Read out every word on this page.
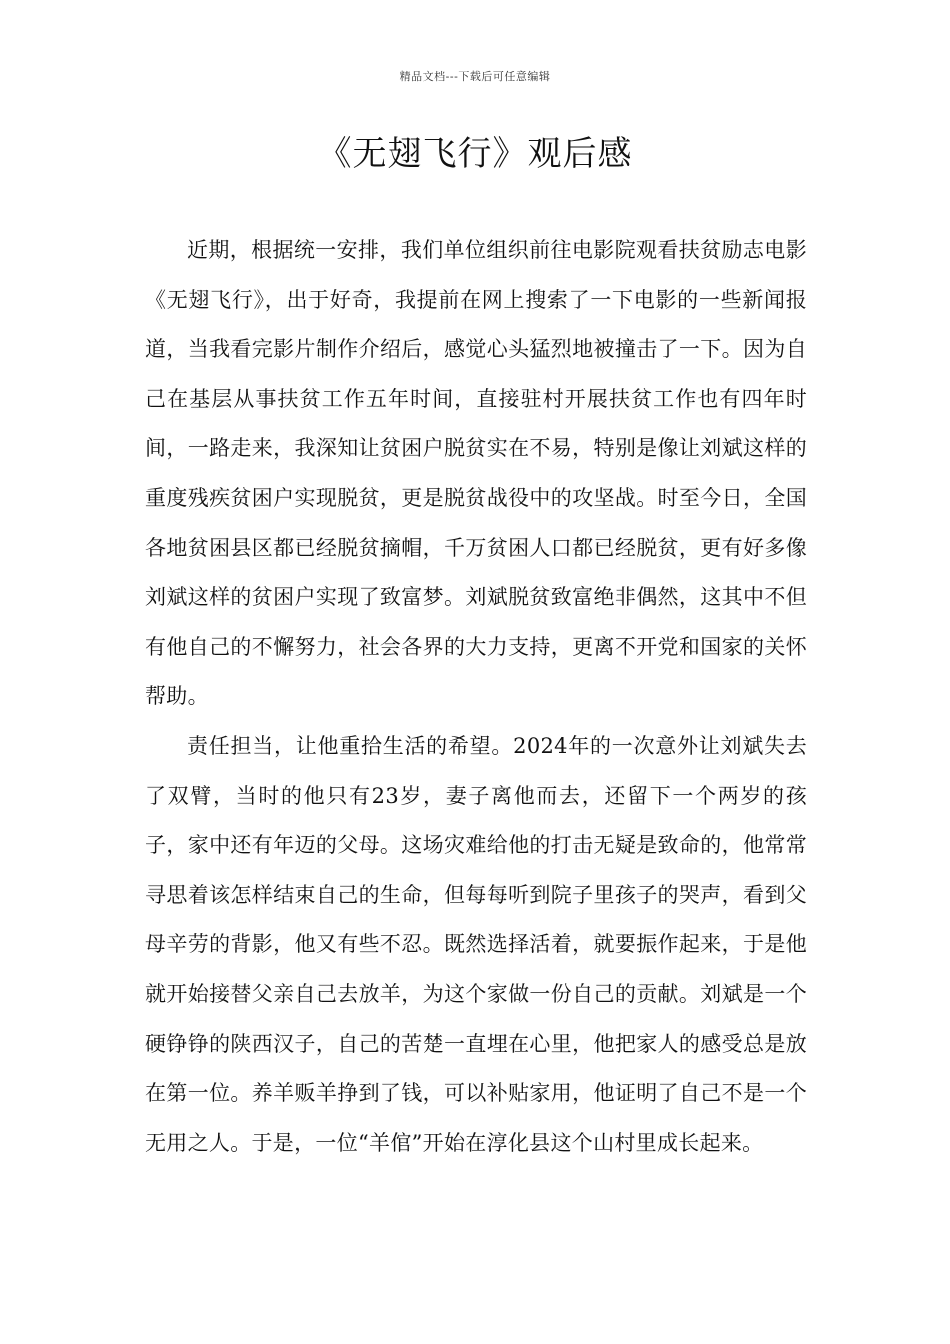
精品文档---下载后可任意编辑
《无翅飞行》观后感

近期，根据统一安排，我们单位组织前往电影院观看扶贫励志电影《无翅飞行》，出于好奇，我提前在网上搜索了一下电影的一些新闻报道，当我看完影片制作介绍后，感觉心头猛烈地被撞击了一下。因为自己在基层从事扶贫工作五年时间，直接驻村开展扶贫工作也有四年时间，一路走来，我深知让贫困户脱贫实在不易，特别是像让刘斌这样的重度残疾贫困户实现脱贫，更是脱贫战役中的攻坚战。时至今日，全国各地贫困县区都已经脱贫摘帽，千万贫困人口都已经脱贫，更有好多像刘斌这样的贫困户实现了致富梦。刘斌脱贫致富绝非偶然，这其中不但有他自己的不懈努力，社会各界的大力支持，更离不开党和国家的关怀帮助。

责任担当，让他重拾生活的希望。2024年的一次意外让刘斌失去了双臂，当时的他只有23岁，妻子离他而去，还留下一个两岁的孩子，家中还有年迈的父母。这场灾难给他的打击无疑是致命的，他常常寻思着该怎样结束自己的生命，但每每听到院子里孩子的哭声，看到父母辛劳的背影，他又有些不忍。既然选择活着，就要振作起来，于是他就开始接替父亲自己去放羊，为这个家做一份自己的贡献。刘斌是一个硬铮铮的陕西汉子，自己的苦楚一直埋在心里，他把家人的感受总是放在第一位。养羊贩羊挣到了钱，可以补贴家用，他证明了自己不是一个无用之人。于是，一位“羊倌”开始在淳化县这个山村里成长起来。
